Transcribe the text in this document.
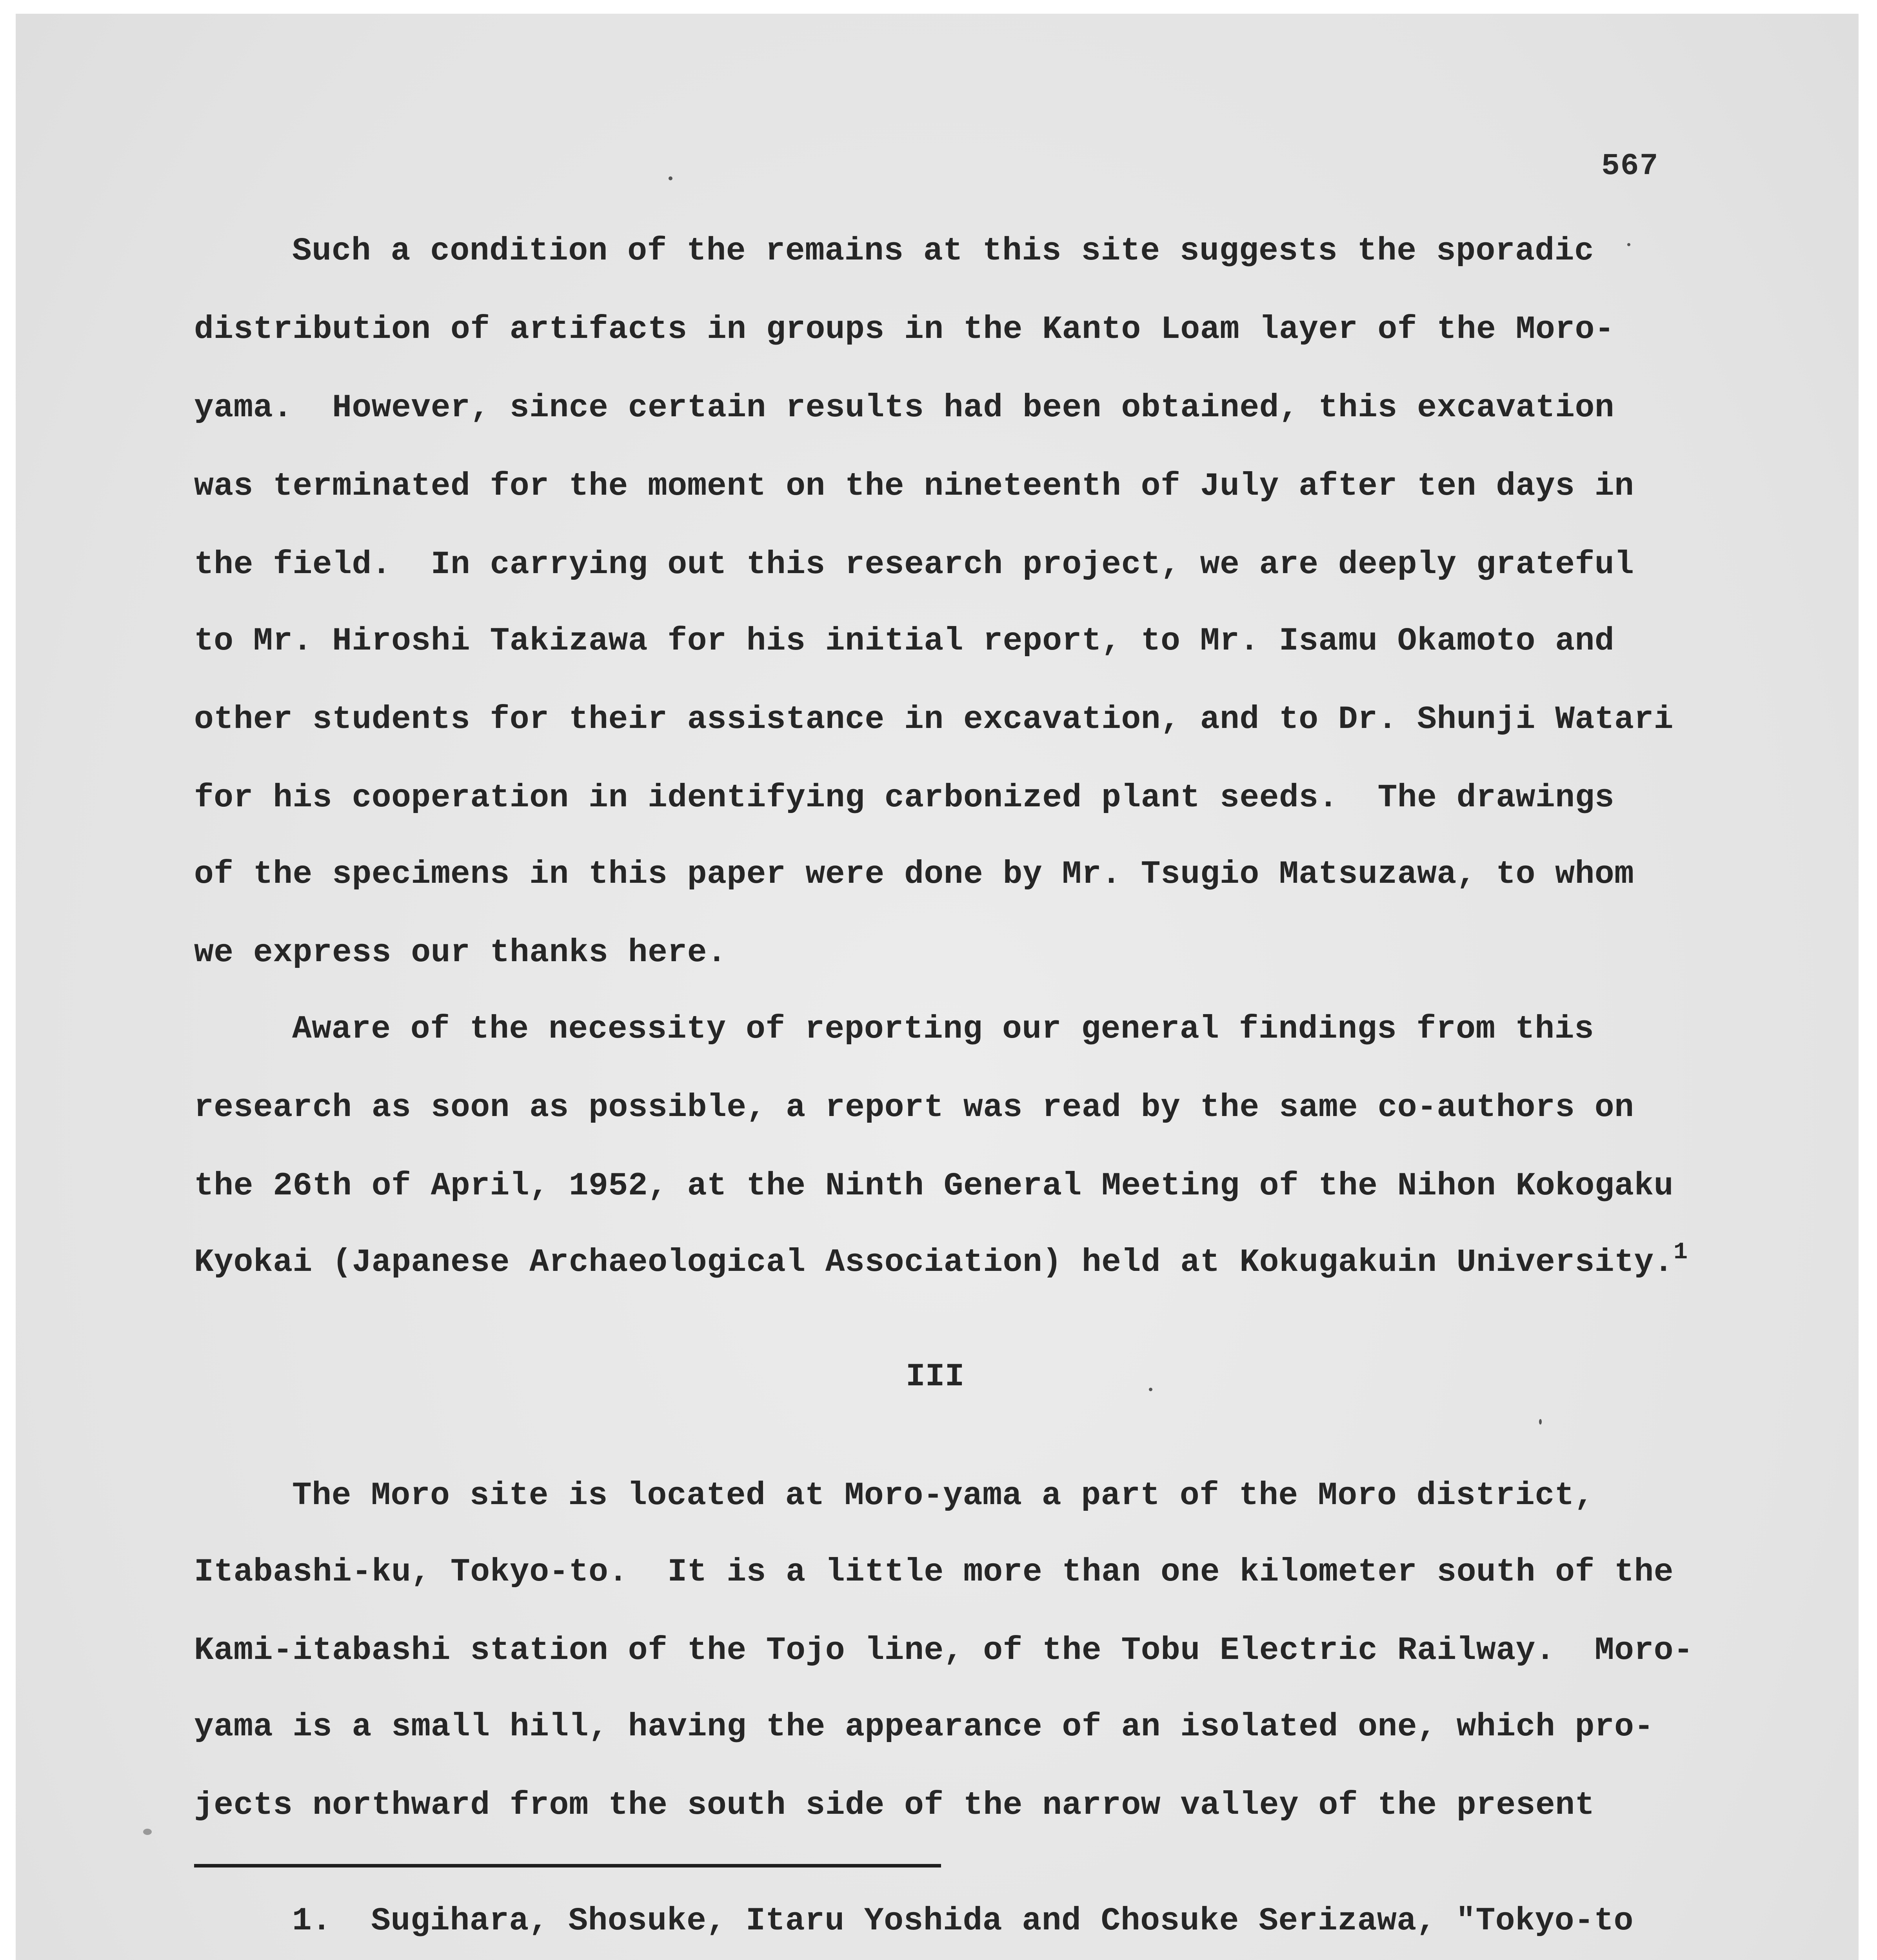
567
Such a condition of the remains at this site suggests the sporadic
distribution of artifacts in groups in the Kanto Loam layer of the Moro-
yama.  However, since certain results had been obtained, this excavation
was terminated for the moment on the nineteenth of July after ten days in
the field.  In carrying out this research project, we are deeply grateful
to Mr. Hiroshi Takizawa for his initial report, to Mr. Isamu Okamoto and
other students for their assistance in excavation, and to Dr. Shunji Watari
for his cooperation in identifying carbonized plant seeds.  The drawings
of the specimens in this paper were done by Mr. Tsugio Matsuzawa, to whom
we express our thanks here.
Aware of the necessity of reporting our general findings from this
research as soon as possible, a report was read by the same co-authors on
the 26th of April, 1952, at the Ninth General Meeting of the Nihon Kokogaku
Kyokai (Japanese Archaeological Association) held at Kokugakuin University.$^1$
III
The Moro site is located at Moro-yama a part of the Moro district,
Itabashi-ku, Tokyo-to.  It is a little more than one kilometer south of the
Kami-itabashi station of the Tojo line, of the Tobu Electric Railway.  Moro-
yama is a small hill, having the appearance of an isolated one, which pro-
jects northward from the south side of the narrow valley of the present
1.  Sugihara, Shosuke, Itaru Yoshida and Chosuke Serizawa, "Tokyo-to
